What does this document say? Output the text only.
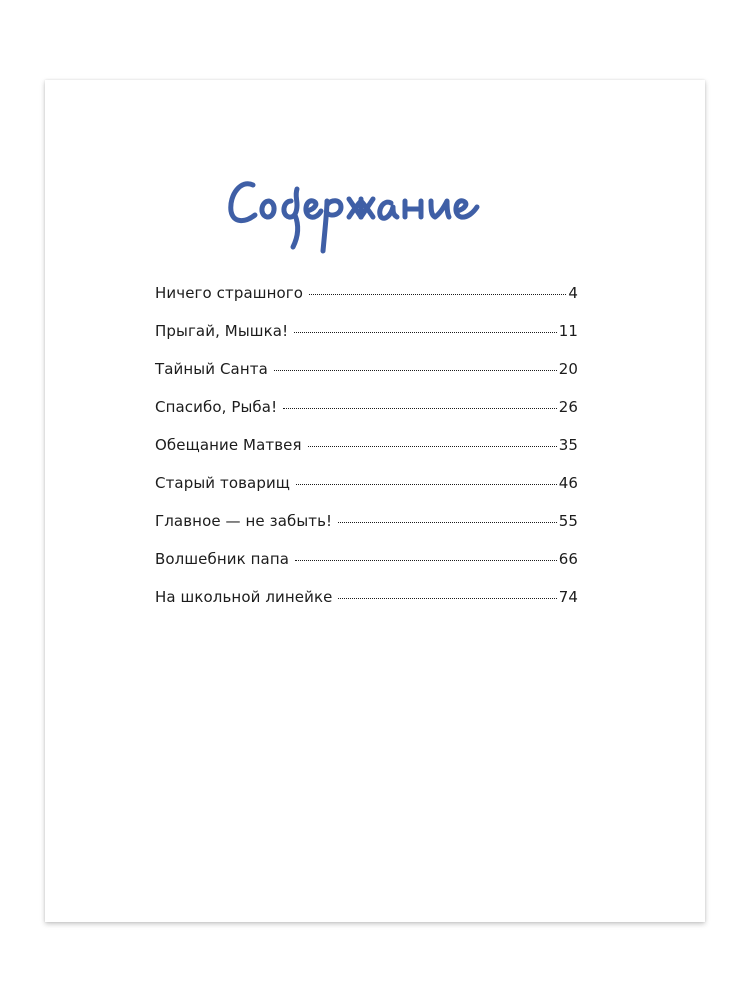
Ничего страшного	4
Прыгай, Мышка!	11
Тайный Санта	20
Спасибо, Рыба!	26
Обещание Матвея	35
Старый товарищ	46
Главное — не забыть!	55
Волшебник папа	66
На школьной линейке	74
